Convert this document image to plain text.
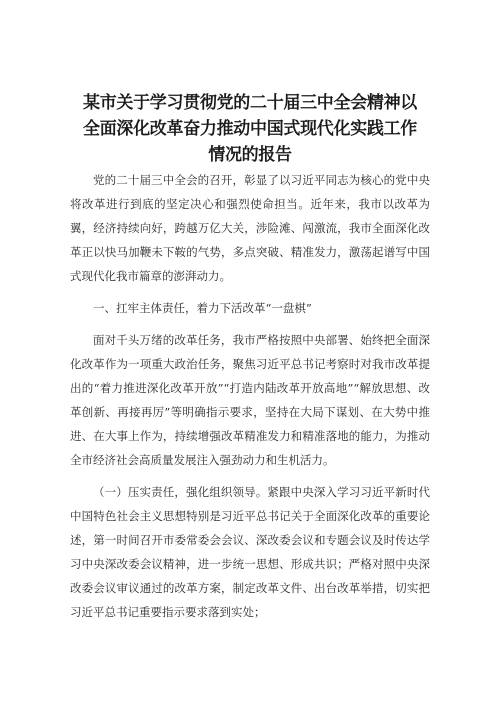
某市关于学习贯彻党的二十届三中全会精神以
全面深化改革奋力推动中国式现代化实践工作
情况的报告

党的二十届三中全会的召开，彰显了以习近平同志为核心的党中央将改革进行到底的坚定决心和强烈使命担当。近年来，我市以改革为翼，经济持续向好，跨越万亿大关，涉险滩、闯激流，我市全面深化改革正以快马加鞭未下鞍的气势，多点突破、精准发力，激荡起谱写中国式现代化我市篇章的澎湃动力。

一、扛牢主体责任，着力下活改革“一盘棋”

面对千头万绪的改革任务，我市严格按照中央部署、始终把全面深化改革作为一项重大政治任务，聚焦习近平总书记考察时对我市改革提出的“着力推进深化改革开放”“打造内陆改革开放高地”“解放思想、改革创新、再接再厉”等明确指示要求，坚持在大局下谋划、在大势中推进、在大事上作为，持续增强改革精准发力和精准落地的能力，为推动全市经济社会高质量发展注入强劲动力和生机活力。

（一）压实责任，强化组织领导。紧跟中央深入学习习近平新时代中国特色社会主义思想特别是习近平总书记关于全面深化改革的重要论述，第一时间召开市委常委会会议、深改委会议和专题会议及时传达学习中央深改委会议精神，进一步统一思想、形成共识；严格对照中央深改委会议审议通过的改革方案，制定改革文件、出台改革举措，切实把习近平总书记重要指示要求落到实处；
